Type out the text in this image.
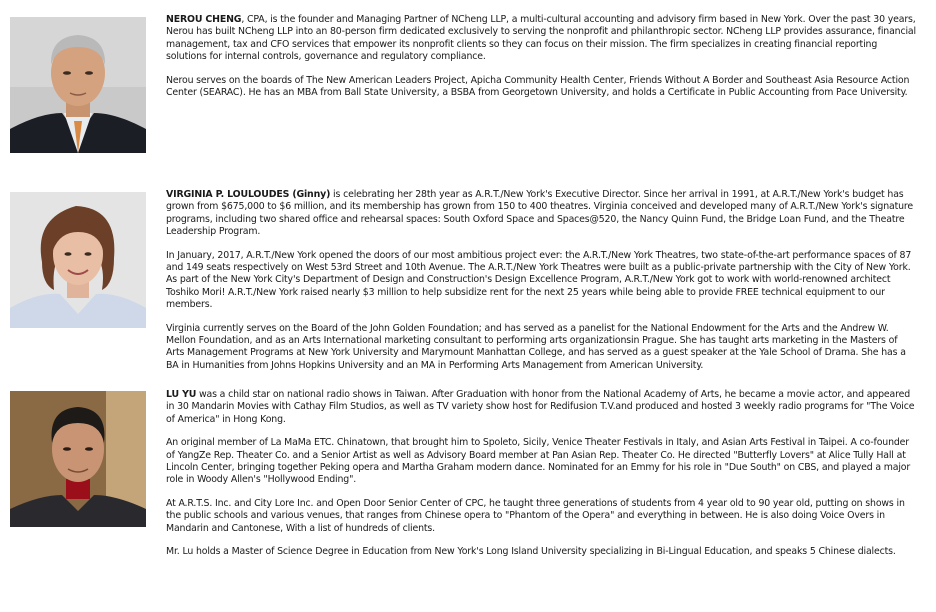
NEROU CHENG, CPA, is the founder and Managing Partner of NCheng LLP, a multi-cultural accounting and advisory firm based in New York. Over the past 30 years, Nerou has built NCheng LLP into an 80-person firm dedicated exclusively to serving the nonprofit and philanthropic sector. NCheng LLP provides assurance, financial management, tax and CFO services that empower its nonprofit clients so they can focus on their mission. The firm specializes in creating financial reporting solutions for internal controls, governance and regulatory compliance.

Nerou serves on the boards of The New American Leaders Project, Apicha Community Health Center, Friends Without A Border and Southeast Asia Resource Action Center (SEARAC). He has an MBA from Ball State University, a BSBA from Georgetown University, and holds a Certificate in Public Accounting from Pace University.

VIRGINIA P. LOULOUDES (Ginny) is celebrating her 28th year as A.R.T./New York's Executive Director. Since her arrival in 1991, at A.R.T./New York's budget has grown from $675,000 to $6 million, and its membership has grown from 150 to 400 theatres. Virginia conceived and developed many of A.R.T./New York's signature programs, including two shared office and rehearsal spaces: South Oxford Space and Spaces@520, the Nancy Quinn Fund, the Bridge Loan Fund, and the Theatre Leadership Program.

In January, 2017, A.R.T./New York opened the doors of our most ambitious project ever: the A.R.T./New York Theatres, two state-of-the-art performance spaces of 87 and 149 seats respectively on West 53rd Street and 10th Avenue. The A.R.T./New York Theatres were built as a public-private partnership with the City of New York. As part of the New York City's Department of Design and Construction's Design Excellence Program, A.R.T./New York got to work with world-renowned architect Toshiko Mori! A.R.T./New York raised nearly $3 million to help subsidize rent for the next 25 years while being able to provide FREE technical equipment to our members.

Virginia currently serves on the Board of the John Golden Foundation; and has served as a panelist for the National Endowment for the Arts and the Andrew W. Mellon Foundation, and as an Arts International marketing consultant to performing arts organizationsin Prague. She has taught arts marketing in the Masters of Arts Management Programs at New York University and Marymount Manhattan College, and has served as a guest speaker at the Yale School of Drama. She has a BA in Humanities from Johns Hopkins University and an MA in Performing Arts Management from American University.

LU YU was a child star on national radio shows in Taiwan. After Graduation with honor from the National Academy of Arts, he became a movie actor, and appeared in 30 Mandarin Movies with Cathay Film Studios, as well as TV variety show host for Redifusion T.V.and produced and hosted 3 weekly radio programs for "The Voice of America" in Hong Kong.

An original member of La MaMa ETC. Chinatown, that brought him to Spoleto, Sicily, Venice Theater Festivals in Italy, and Asian Arts Festival in Taipei. A co-founder of YangZe Rep. Theater Co. and a Senior Artist as well as Advisory Board member at Pan Asian Rep. Theater Co. He directed "Butterfly Lovers" at Alice Tully Hall at Lincoln Center, bringing together Peking opera and Martha Graham modern dance. Nominated for an Emmy for his role in "Due South" on CBS, and played a major role in Woody Allen's "Hollywood Ending".

At A.R.T.S. Inc. and City Lore Inc. and Open Door Senior Center of CPC, he taught three generations of students from 4 year old to 90 year old, putting on shows in the public schools and various venues, that ranges from Chinese opera to "Phantom of the Opera" and everything in between. He is also doing Voice Overs in Mandarin and Cantonese, With a list of hundreds of clients.

Mr. Lu holds a Master of Science Degree in Education from New York's Long Island University specializing in Bi-Lingual Education, and speaks 5 Chinese dialects.
